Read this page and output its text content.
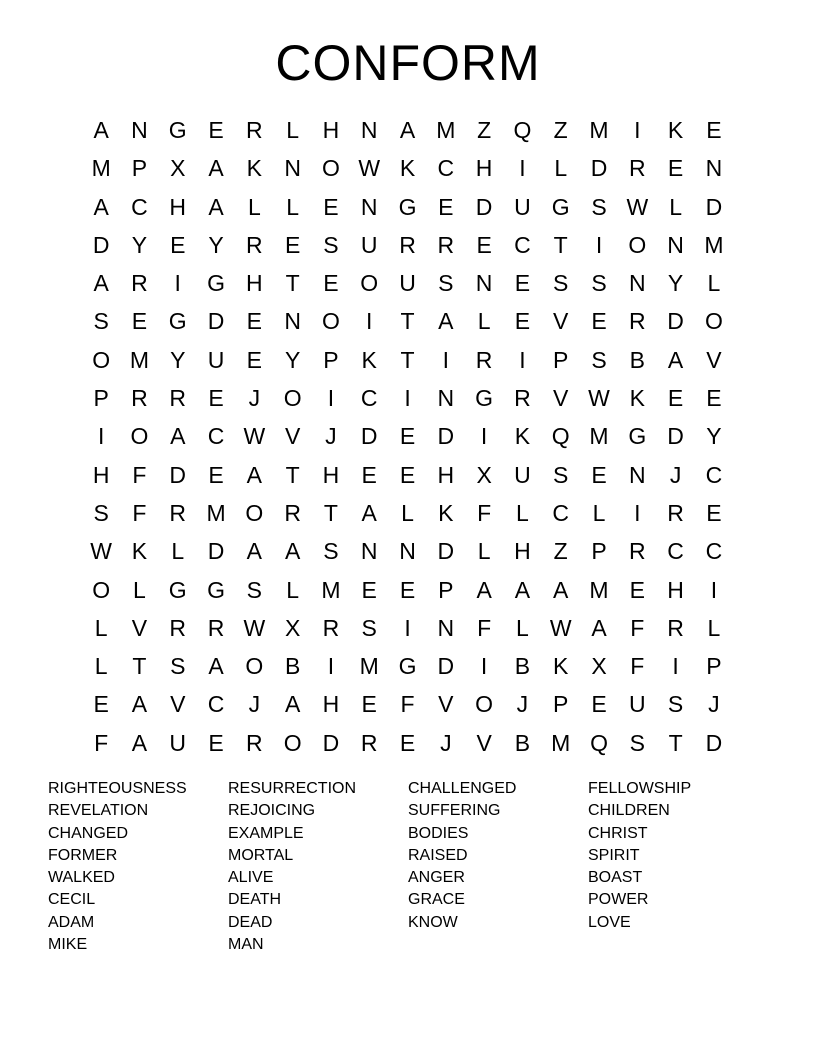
CONFORM
A N G E R	L	H N A M Z Q Z M	I	K E
M P X A K N O W K C H	I	L	D R E N
A C H A	L	L	E N G E D U G S W L	D
D Y E Y R E S U R R E C T	I	O N M
A R	I	G H T	E O U S N E S S N Y	L
S E G D E N O	I	T	A	L	E V E R D O
O M Y U E Y P K	T	I	R	I	P S B A V
P R R E	J	O	I	C	I	N G R V W K E E
I	O A C W V	J	D E D	I	K Q M G D Y
H F D E A	T H E E H X U S E N	J	C
S	F R M O R T	A	L	K	F	L	C	L	I	R E
W K	L	D A A S N N D	L	H Z	P R C C
O L G G S	L M E E P A A A M E H	I
L	V R R W X R S	I	N F	L W A	F R	L
L	T	S A O B	I	M G D	I	B K X	F	I	P
E A V C	J	A H E	F	V O	J	P E U S	J
F	A U E R O D R E	J	V B M Q S	T D
RIGHTEOUSNESS
REVELATION
CHANGED
FORMER
WALKED
CECIL
ADAM
MIKE
RESURRECTION
REJOICING
EXAMPLE
MORTAL
ALIVE
DEATH
DEAD
MAN
CHALLENGED
SUFFERING
BODIES
RAISED
ANGER
GRACE
KNOW
FELLOWSHIP
CHILDREN
CHRIST
SPIRIT
BOAST
POWER
LOVE
